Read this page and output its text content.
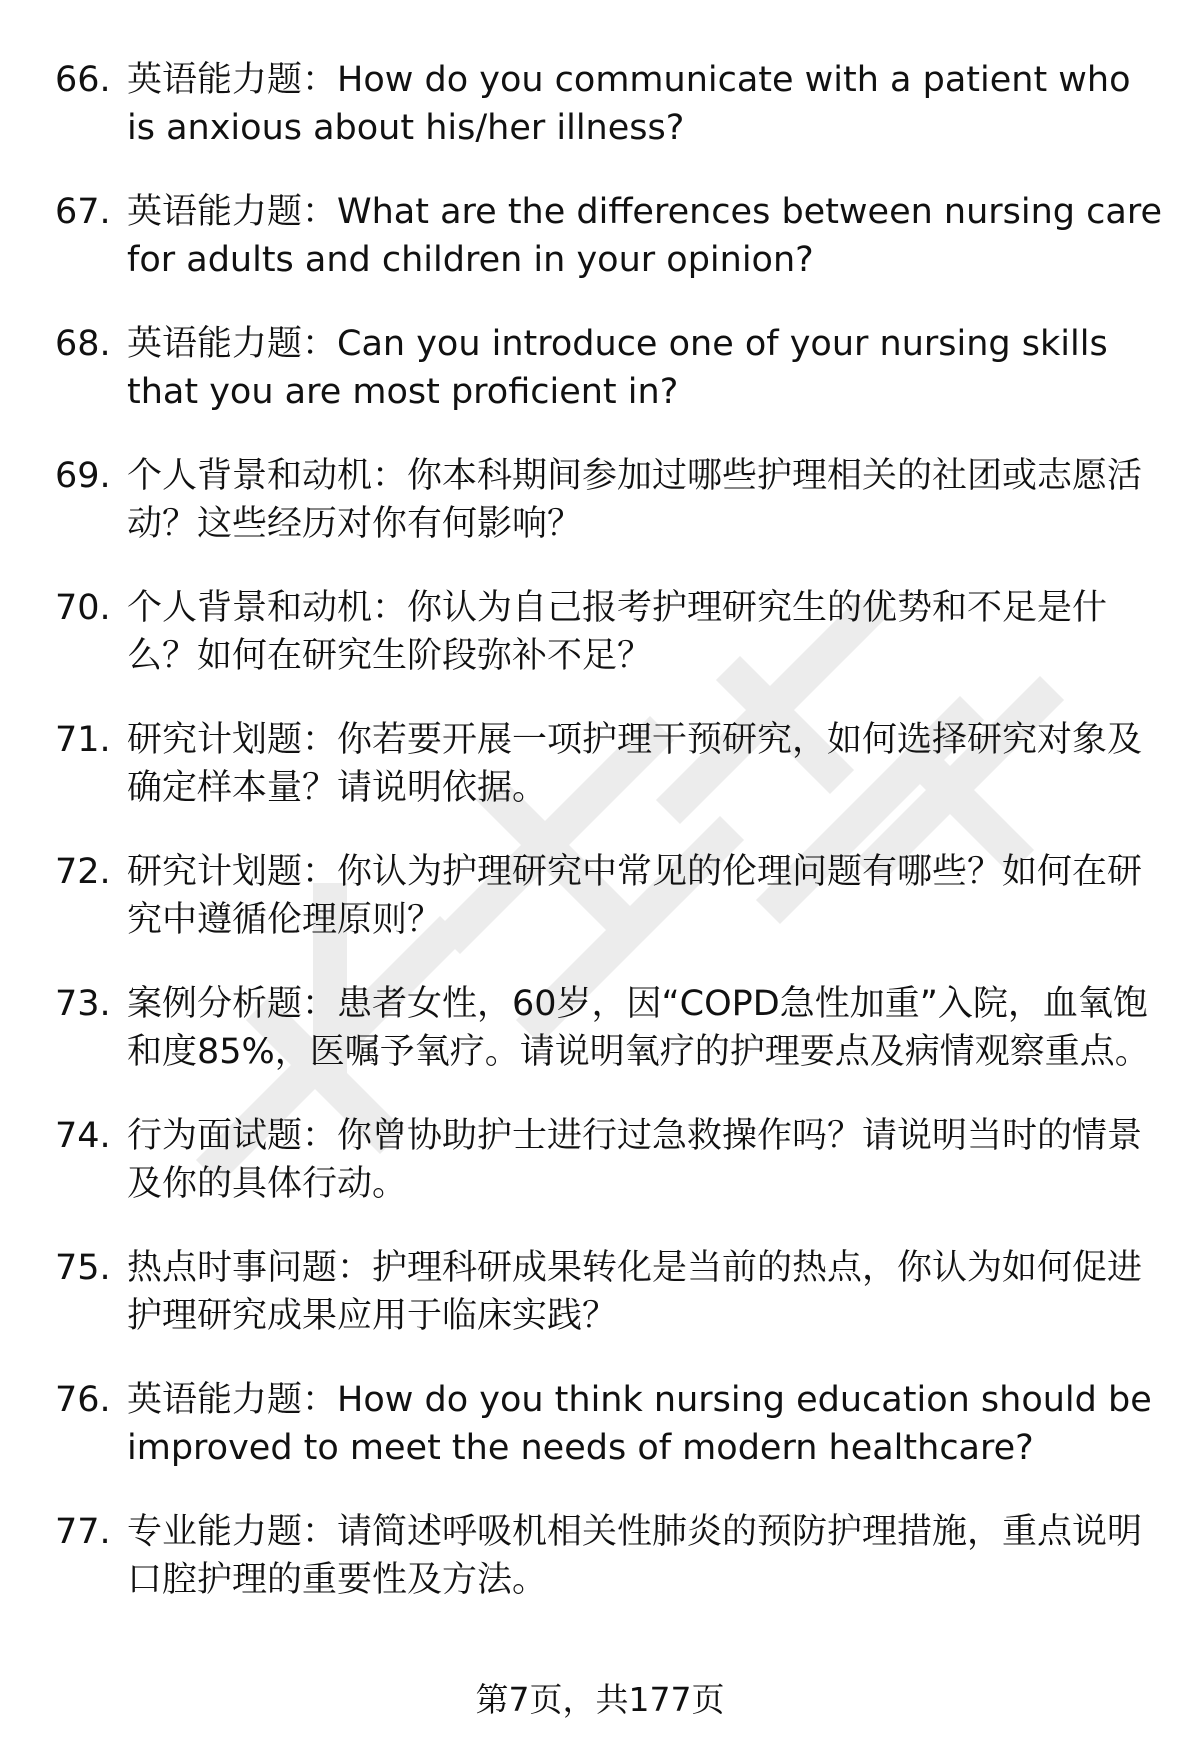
66. 英语能力题：How do you communicate with a patient who is anxious about his/her illness?
67. 英语能力题：What are the differences between nursing care for adults and children in your opinion?
68. 英语能力题：Can you introduce one of your nursing skills that you are most proficient in?
69. 个人背景和动机：你本科期间参加过哪些护理相关的社团或志愿活动？这些经历对你有何影响？
70. 个人背景和动机：你认为自己报考护理研究生的优势和不足是什么？如何在研究生阶段弥补不足？
71. 研究计划题：你若要开展一项护理干预研究，如何选择研究对象及确定样本量？请说明依据。
72. 研究计划题：你认为护理研究中常见的伦理问题有哪些？如何在研究中遵循伦理原则？
73. 案例分析题：患者女性，60岁，因“COPD急性加重”入院，血氧饱和度85%，医嘱予氧疗。请说明氧疗的护理要点及病情观察重点。
74. 行为面试题：你曾协助护士进行过急救操作吗？请说明当时的情景及你的具体行动。
75. 热点时事问题：护理科研成果转化是当前的热点，你认为如何促进护理研究成果应用于临床实践？
76. 英语能力题：How do you think nursing education should be improved to meet the needs of modern healthcare?
77. 专业能力题：请简述呼吸机相关性肺炎的预防护理措施，重点说明口腔护理的重要性及方法。
第7页，共177页
